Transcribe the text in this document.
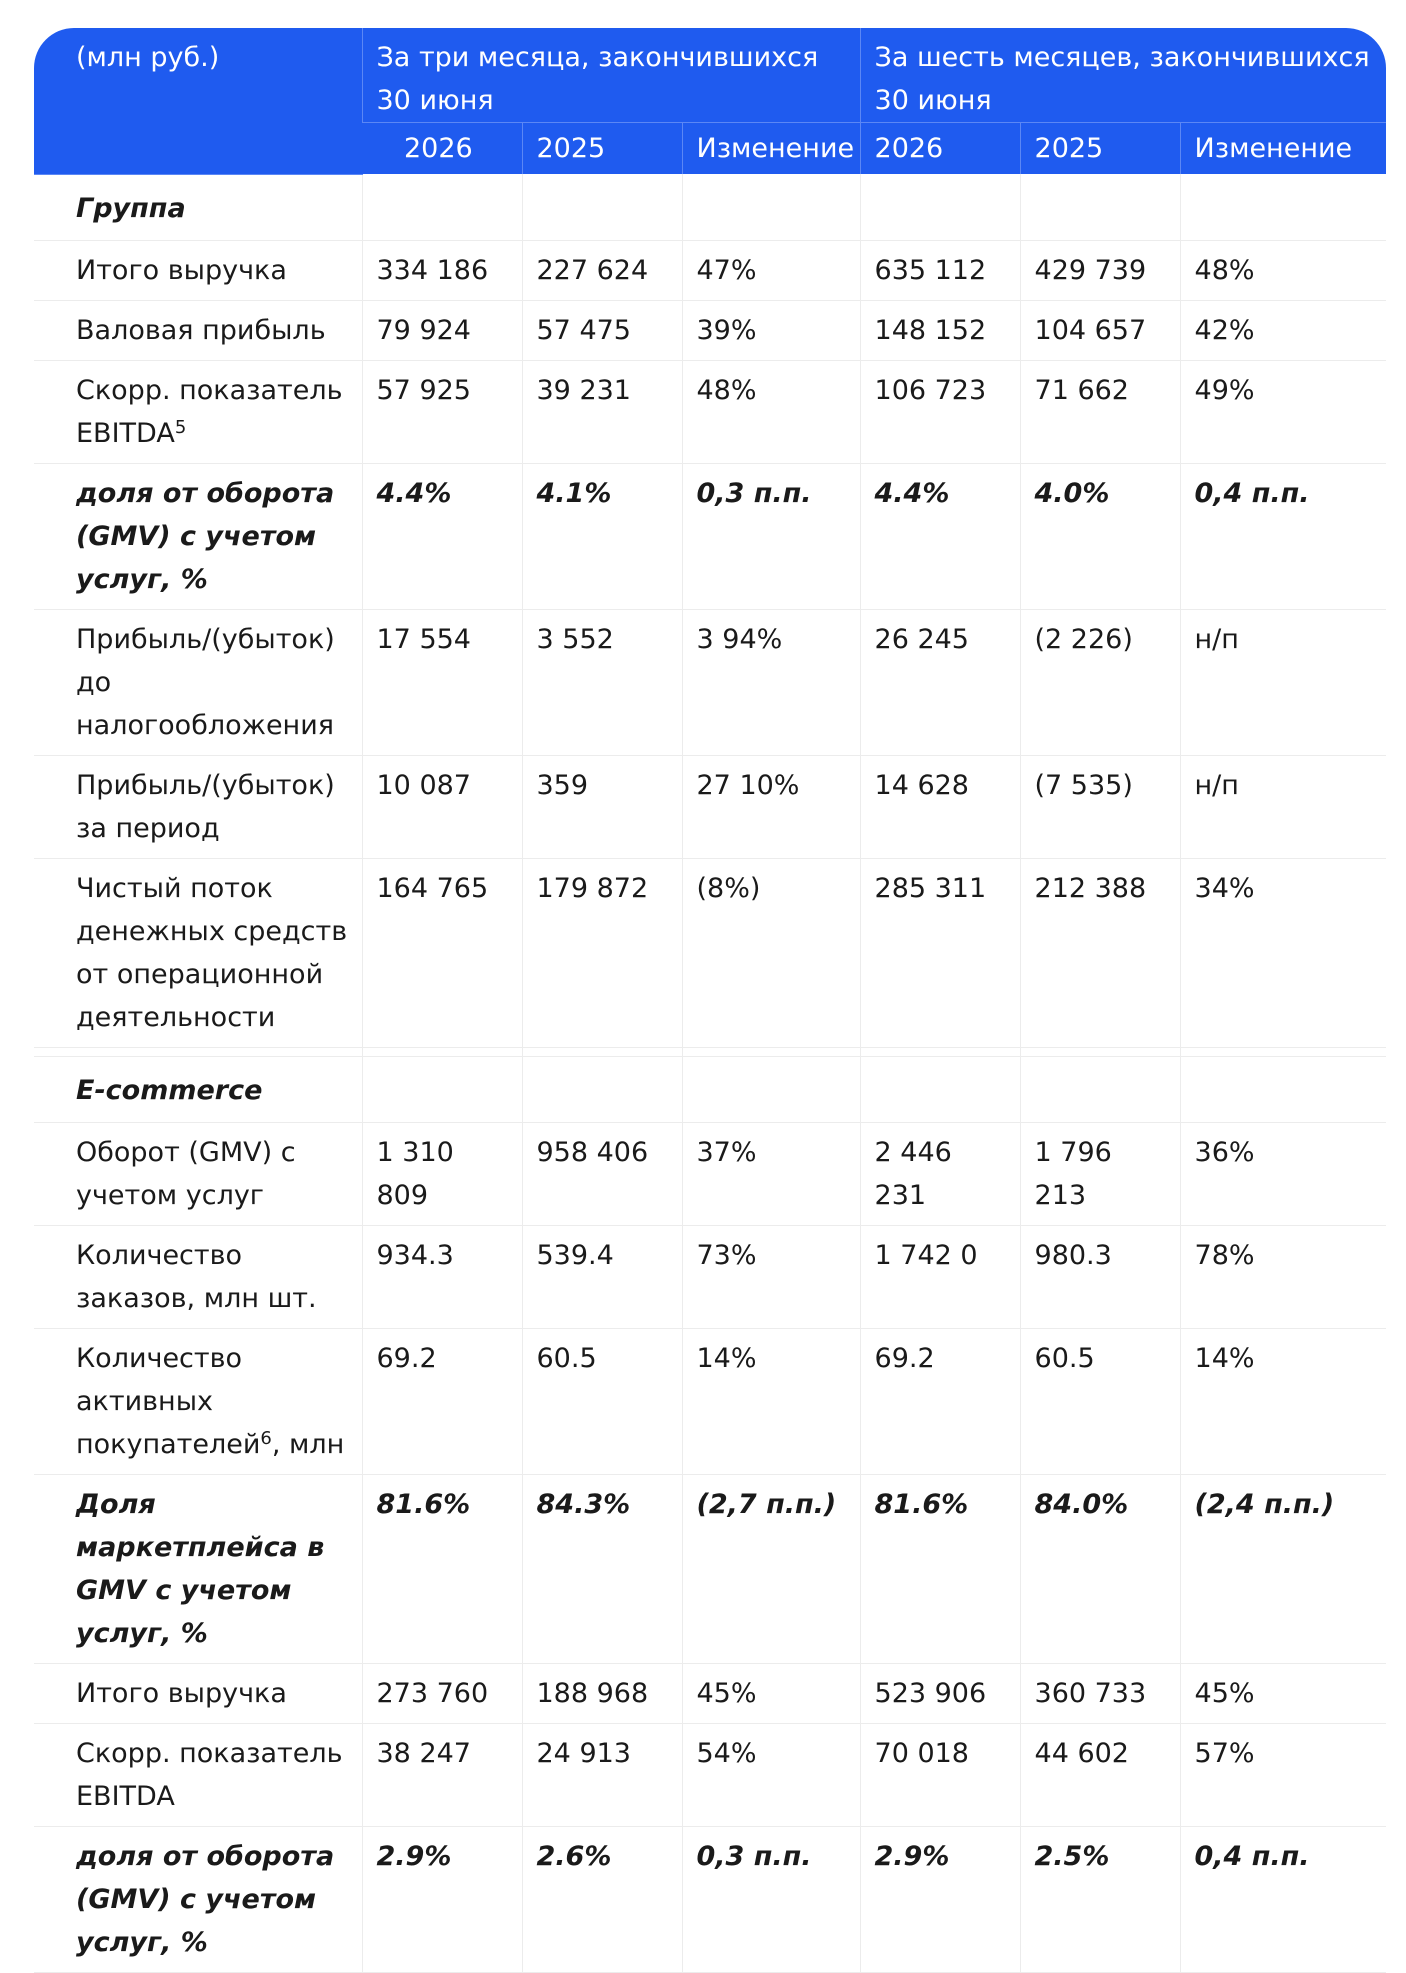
(млн руб.)	За три месяца, закончившихся 30 июня			За шесть месяцев, закончившихся 30 июня		
	2026	2025	Изменение	2026	2025	Изменение
Группа						
Итого выручка	334 186	227 624	47%	635 112	429 739	48%
Валовая прибыль	79 924	57 475	39%	148 152	104 657	42%
Скорр. показатель EBITDA$^5$	57 925	39 231	48%	106 723	71 662	49%
доля от оборота (GMV) с учетом услуг, %	4.4%	4.1%	0,3 п.п.	4.4%	4.0%	0,4 п.п.
Прибыль/(убыток) до налогообложения	17 554	3 552	3 94%	26 245	(2 226)	н/п
Прибыль/(убыток) за период	10 087	359	27 10%	14 628	(7 535)	н/п
Чистый поток денежных средств от операционной деятельности	164 765	179 872	(8%)	285 311	212 388	34%

E-commerce						
Оборот (GMV) с учетом услуг	1 310 809	958 406	37%	2 446 231	1 796 213	36%
Количество заказов, млн шт.	934.3	539.4	73%	1 742 0	980.3	78%
Количество активных покупателей$^6$, млн	69.2	60.5	14%	69.2	60.5	14%
Доля маркетплейса в GMV с учетом услуг, %	81.6%	84.3%	(2,7 п.п.)	81.6%	84.0%	(2,4 п.п.)
Итого выручка	273 760	188 968	45%	523 906	360 733	45%
Скорр. показатель EBITDA	38 247	24 913	54%	70 018	44 602	57%
доля от оборота (GMV) с учетом услуг, %	2.9%	2.6%	0,3 п.п.	2.9%	2.5%	0,4 п.п.
